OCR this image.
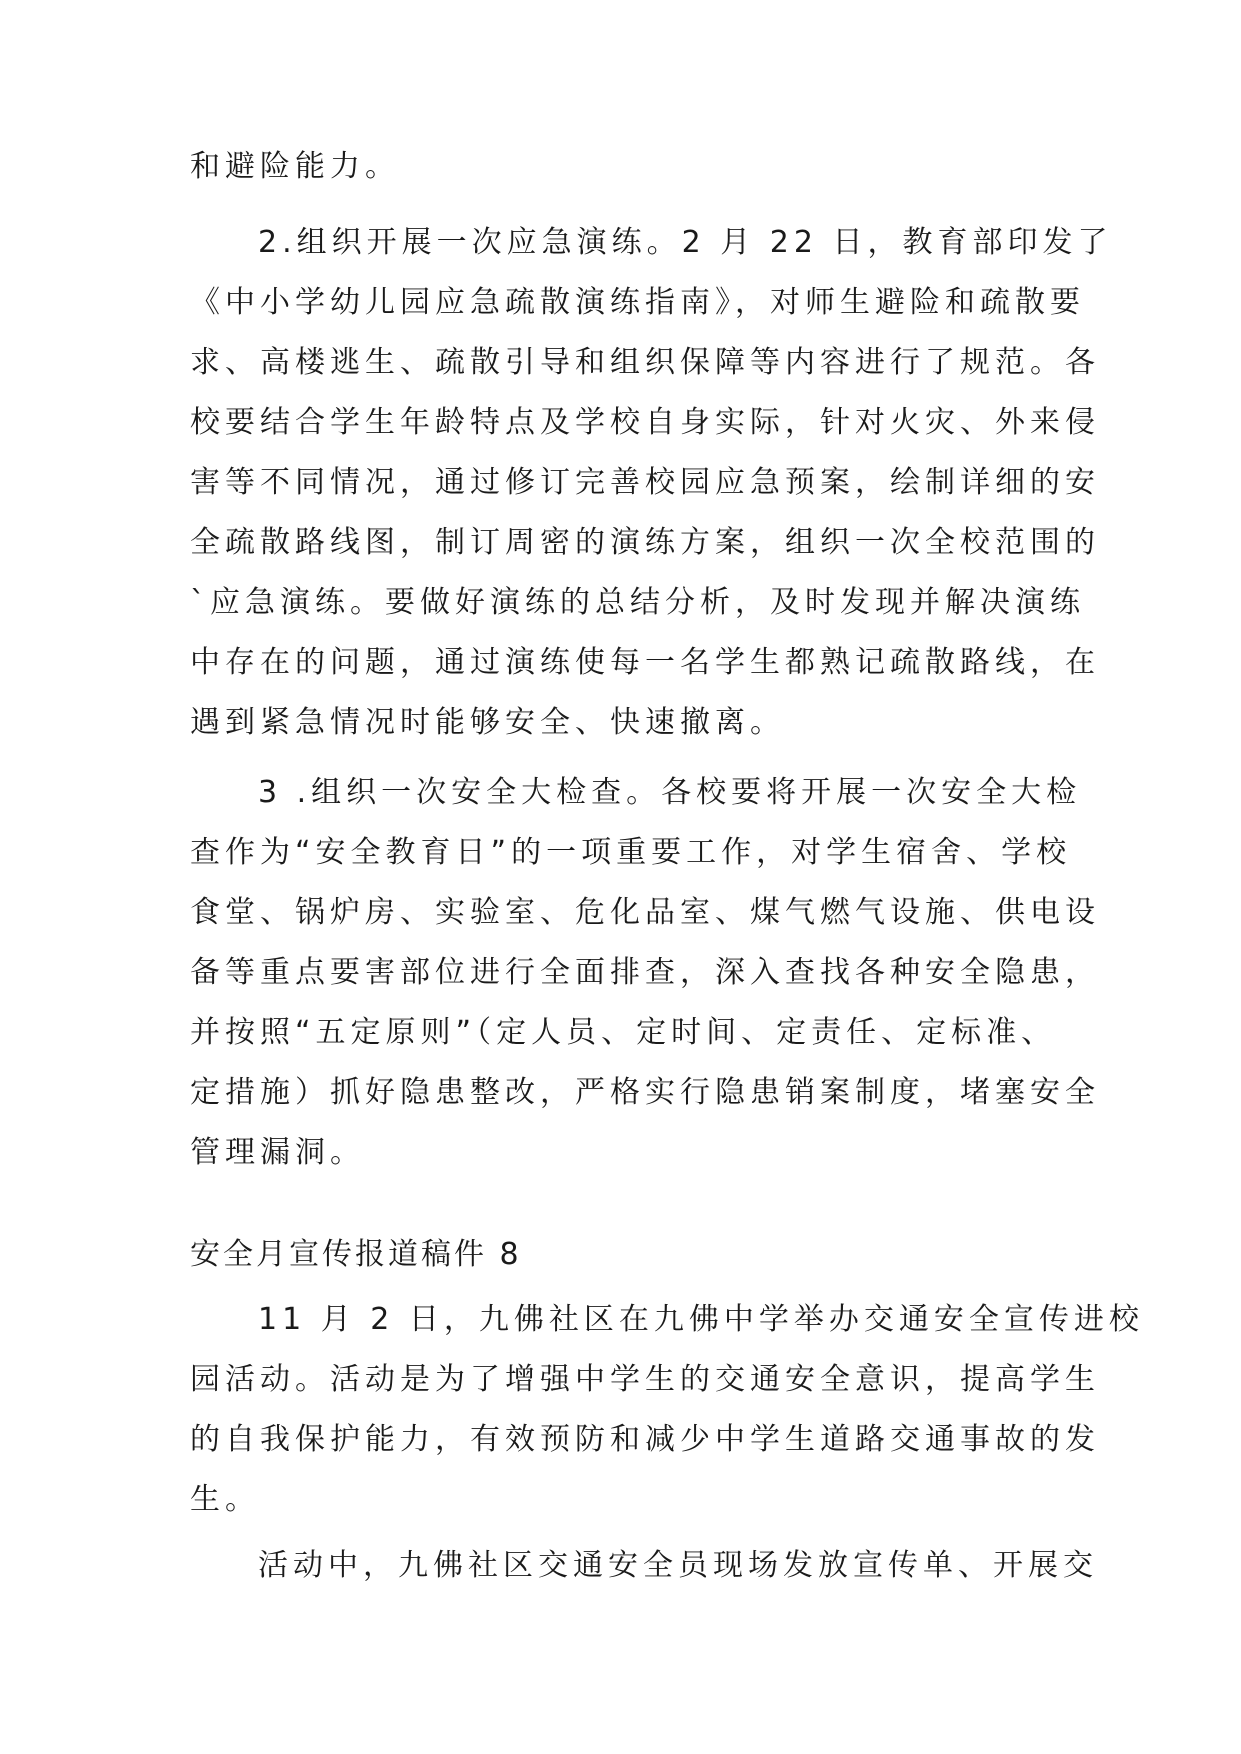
和避险能力。
2.组织开展一次应急演练。2 月 22 日，教育部印发了
《中小学幼儿园应急疏散演练指南》，对师生避险和疏散要
求、高楼逃生、疏散引导和组织保障等内容进行了规范。各
校要结合学生年龄特点及学校自身实际，针对火灾、外来侵
害等不同情况，通过修订完善校园应急预案，绘制详细的安
全疏散路线图，制订周密的演练方案，组织一次全校范围的
`应急演练。要做好演练的总结分析，及时发现并解决演练
中存在的问题，通过演练使每一名学生都熟记疏散路线，在
遇到紧急情况时能够安全、快速撤离。
3 .组织一次安全大检查。各校要将开展一次安全大检
查作为“安全教育日”的一项重要工作，对学生宿舍、学校
食堂、锅炉房、实验室、危化品室、煤气燃气设施、供电设
备等重点要害部位进行全面排查，深入查找各种安全隐患，
并按照“五定原则”（定人员、定时间、定责任、定标准、
定措施）抓好隐患整改，严格实行隐患销案制度，堵塞安全
管理漏洞。
安全月宣传报道稿件 8
11 月 2 日，九佛社区在九佛中学举办交通安全宣传进校
园活动。活动是为了增强中学生的交通安全意识，提高学生
的自我保护能力，有效预防和减少中学生道路交通事故的发
生。
活动中，九佛社区交通安全员现场发放宣传单、开展交
